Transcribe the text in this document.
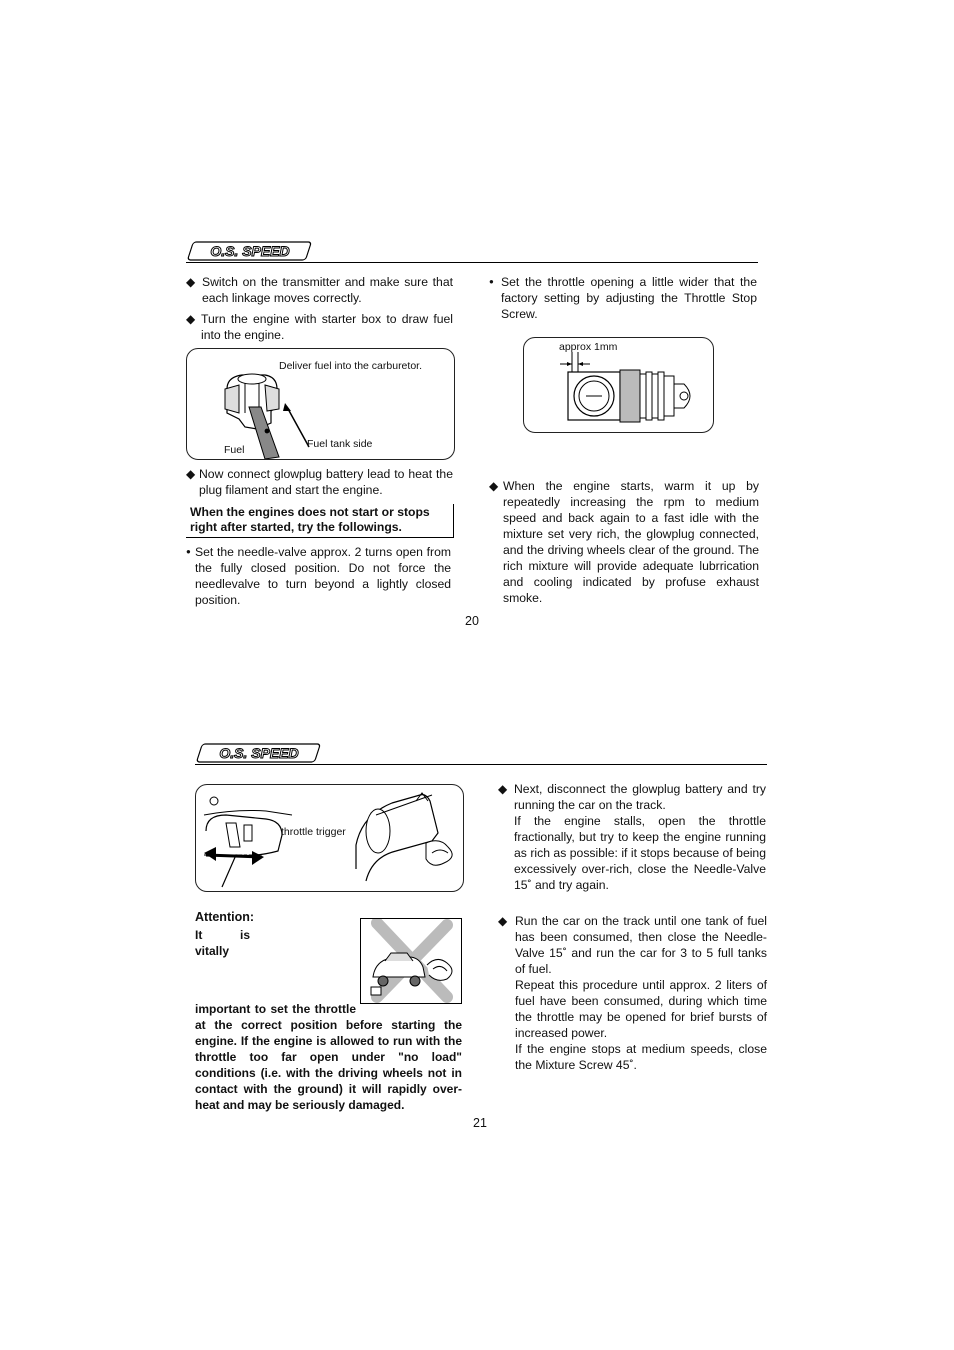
O.S. SPEED
◆ Switch on the transmitter and make sure that each linkage moves correctly.
◆ Turn the engine with starter box to draw fuel into the engine.
Deliver fuel into the carburetor.
Fuel	Fuel tank side
◆ Now connect glowplug battery lead to heat the plug filament and start the engine.
When the engines does not start or stops right after started, try the followings.
● Set the needle-valve approx. 2 turns open from the fully closed position. Do not force the needlevalve to turn beyond a lightly closed position.
● Set the throttle opening a little wider that the factory setting by adjusting the Throttle Stop Screw.
approx 1mm
◆ When the engine starts, warm it up by repeatedly increasing the rpm to medium speed and back again to a fast idle with the mixture set very rich, the glowplug connected, and the driving wheels clear of the ground. The rich mixture will provide adequate lubrrication and cooling indicated by profuse exhaust smoke.
20
O.S. SPEED
throttle trigger
Attention:
It is vitally important to set the throttle at the correct position before starting the engine. If the engine is allowed to run with the throttle too far open under "no load" conditions (i.e. with the driving wheels not in contact with the ground) it will rapidly over-heat and may be seriously damaged.
◆ Next, disconnect the glowplug battery and try running the car on the track.
If the engine stalls, open the throttle fractionally, but try to keep the engine running as rich as possible: if it stops because of being excessively over-rich, close the Needle-Valve 15˚ and try again.
◆ Run the car on the track until one tank of fuel has been consumed, then close the Needle-Valve 15˚ and run the car for 3 to 5 full tanks of fuel.
Repeat this procedure until approx. 2 liters of fuel have been consumed, during which time the throttle may be opened for brief bursts of increased power.
If the engine stops at medium speeds, close the Mixture Screw 45˚.
21
